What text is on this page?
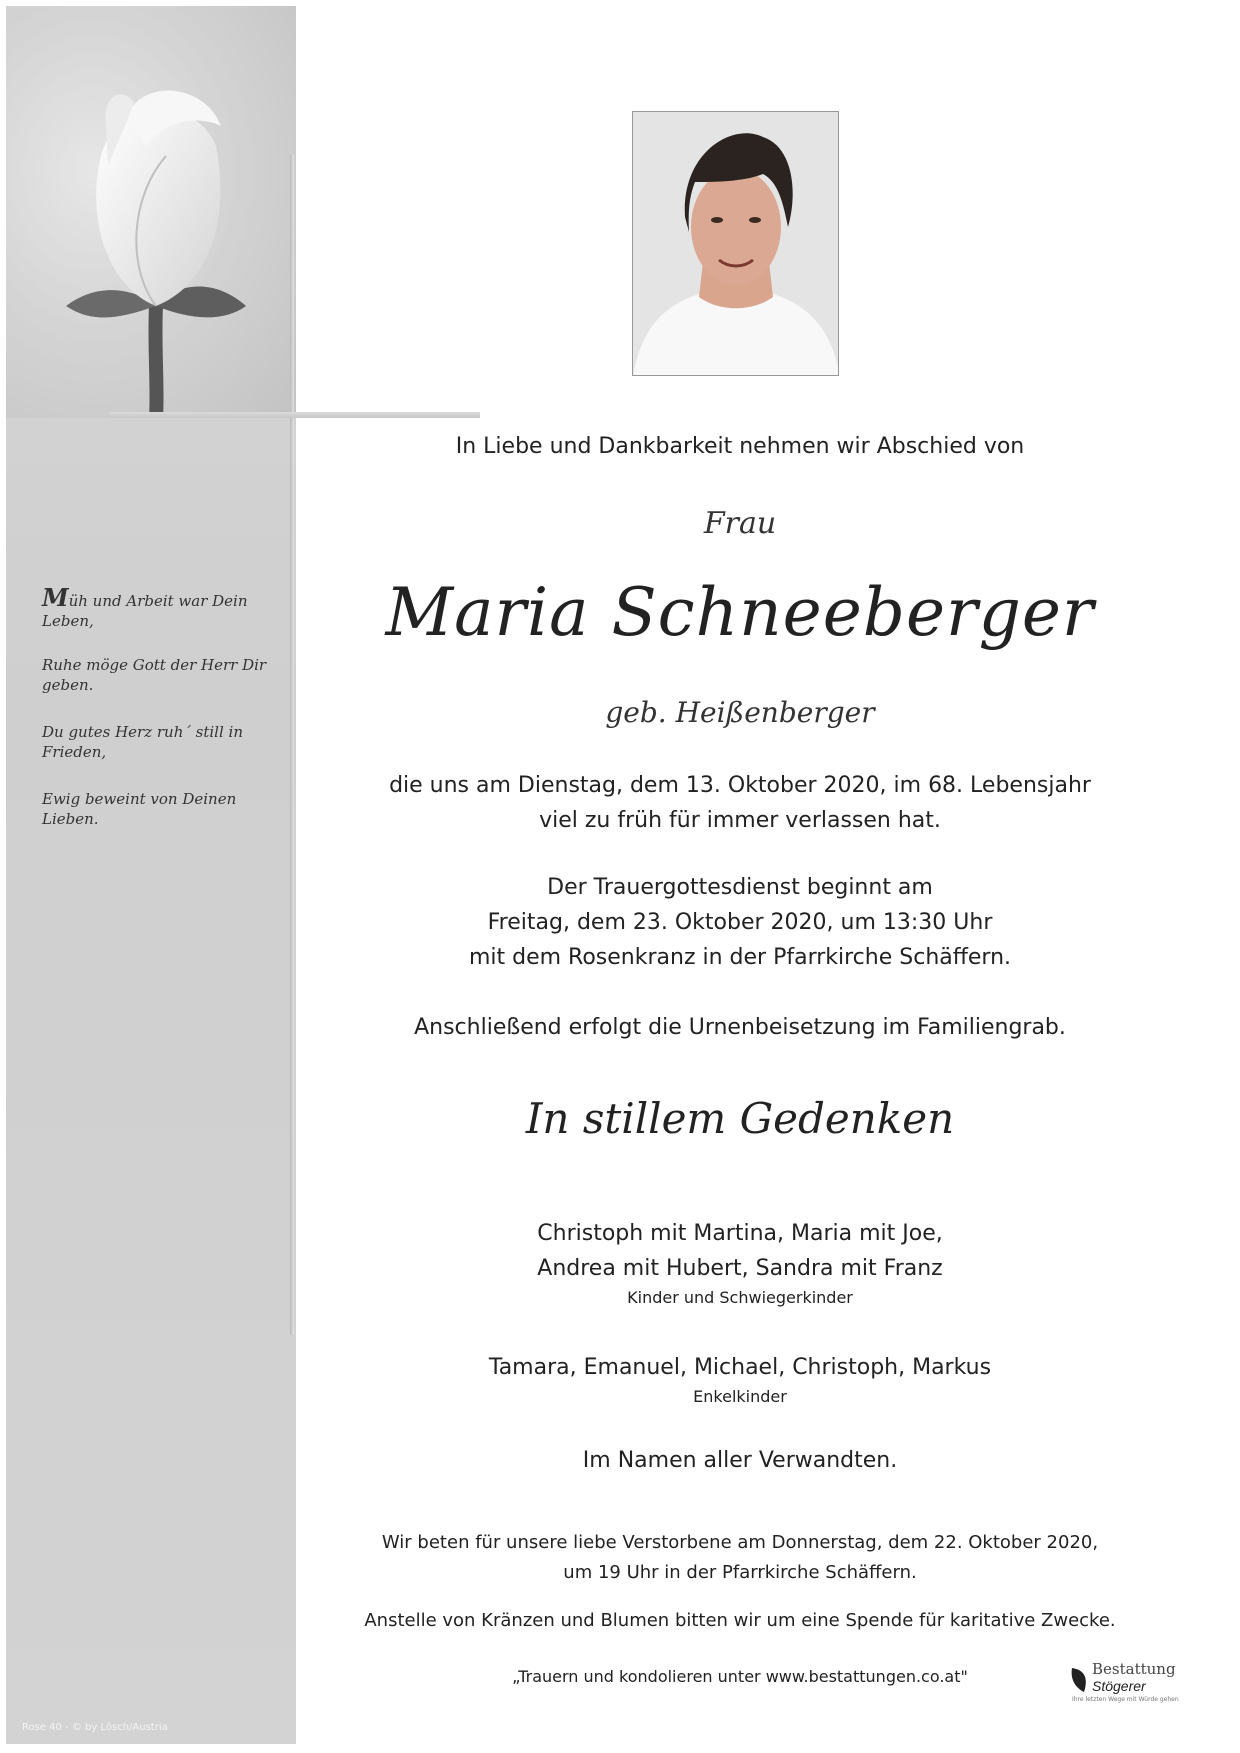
Müh und Arbeit war Dein Leben,

Ruhe möge Gott der Herr Dir geben.

Du gutes Herz ruh´ still in Frieden,

Ewig beweint von Deinen Lieben.

Rose 40 - © by Lösch/Austria
In Liebe und Dankbarkeit nehmen wir Abschied von
Frau
Maria Schneeberger
geb. Heißenberger
die uns am Dienstag, dem 13. Oktober 2020, im 68. Lebensjahr
viel zu früh für immer verlassen hat.
Der Trauergottesdienst beginnt am
Freitag, dem 23. Oktober 2020, um 13:30 Uhr
mit dem Rosenkranz in der Pfarrkirche Schäffern.
Anschließend erfolgt die Urnenbeisetzung im Familiengrab.
In stillem Gedenken
Christoph mit Martina, Maria mit Joe,
Andrea mit Hubert, Sandra mit Franz
Kinder und Schwiegerkinder
Tamara, Emanuel, Michael, Christoph, Markus
Enkelkinder
Im Namen aller Verwandten.
Wir beten für unsere liebe Verstorbene am Donnerstag, dem 22. Oktober 2020,
um 19 Uhr in der Pfarrkirche Schäffern.
Anstelle von Kränzen und Blumen bitten wir um eine Spende für karitative Zwecke.
„Trauern und kondolieren unter www.bestattungen.co.at"	Bestattung
Stögerer
Ihre letzten Wege mit Würde gehen
